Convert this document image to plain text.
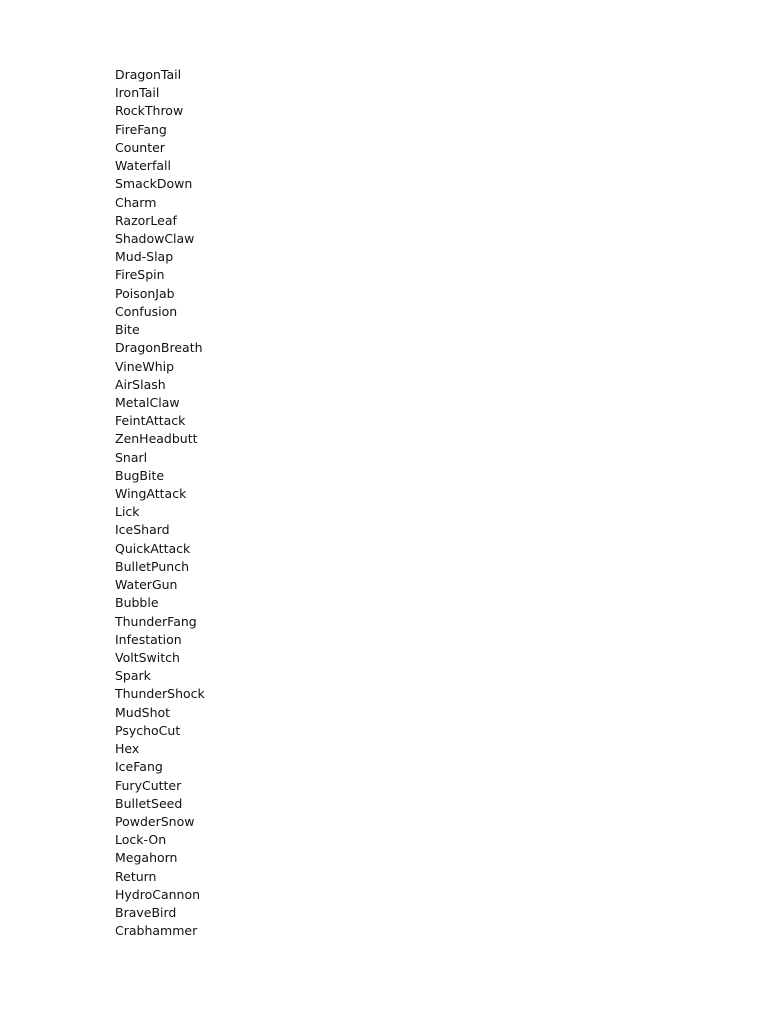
DragonTail
IronTail
RockThrow
FireFang
Counter
Waterfall
SmackDown
Charm
RazorLeaf
ShadowClaw
Mud-Slap
FireSpin
PoisonJab
Confusion
Bite
DragonBreath
VineWhip
AirSlash
MetalClaw
FeintAttack
ZenHeadbutt
Snarl
BugBite
WingAttack
Lick
IceShard
QuickAttack
BulletPunch
WaterGun
Bubble
ThunderFang
Infestation
VoltSwitch
Spark
ThunderShock
MudShot
PsychoCut
Hex
IceFang
FuryCutter
BulletSeed
PowderSnow
Lock-On
Megahorn
Return
HydroCannon
BraveBird
Crabhammer
